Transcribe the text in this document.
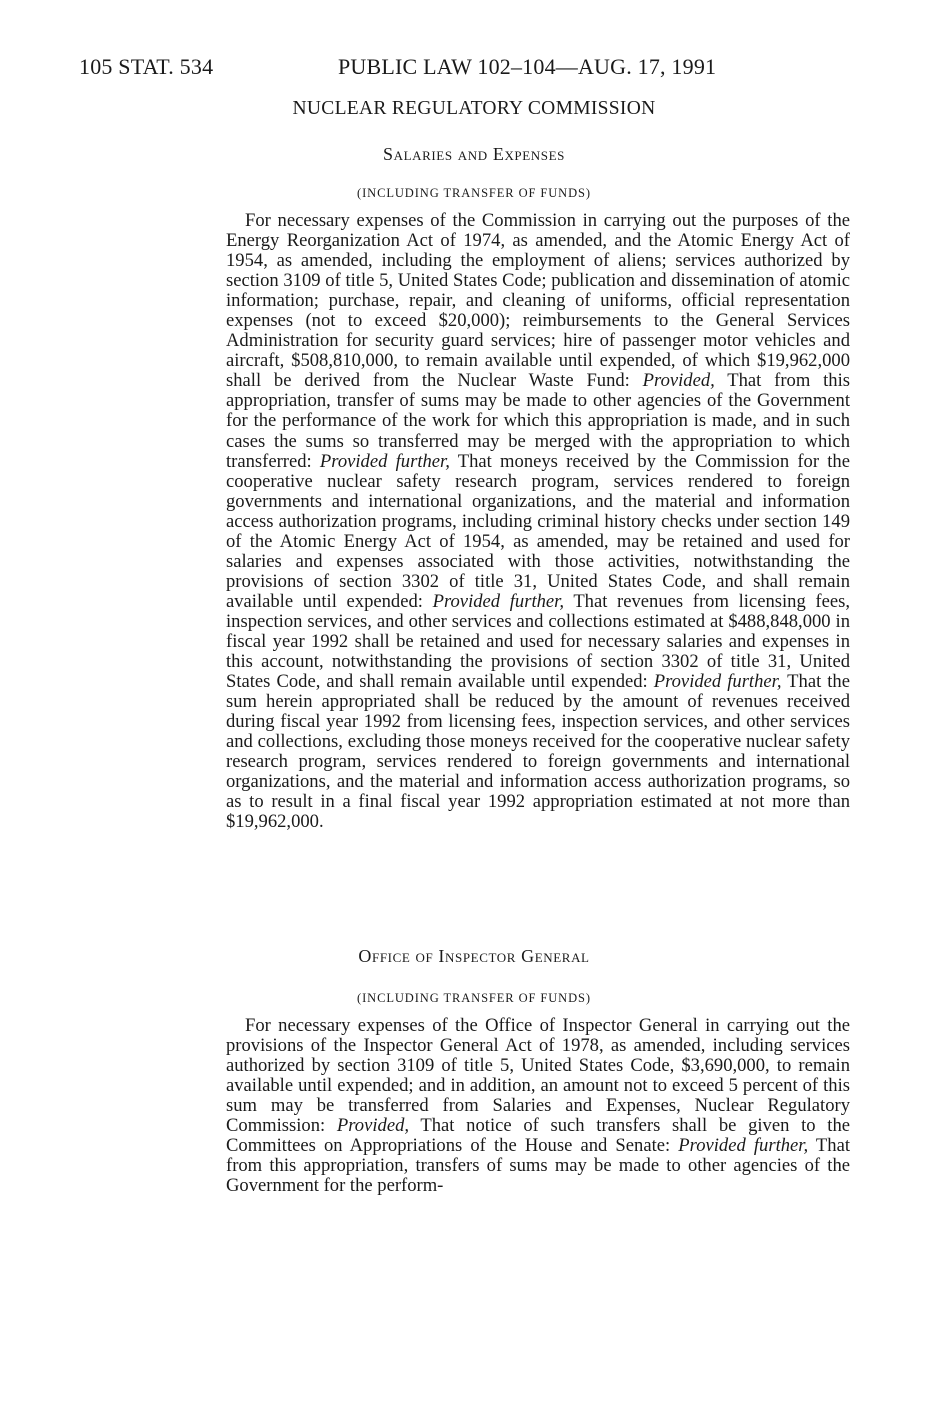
105 STAT. 534	PUBLIC LAW 102–104—AUG. 17, 1991
NUCLEAR REGULATORY COMMISSION
Salaries and Expenses
(INCLUDING TRANSFER OF FUNDS)

For necessary expenses of the Commission in carrying out the purposes of the Energy Reorganization Act of 1974, as amended, and the Atomic Energy Act of 1954, as amended, including the employment of aliens; services authorized by section 3109 of title 5, United States Code; publication and dissemination of atomic information; purchase, repair, and cleaning of uniforms, official representation expenses (not to exceed $20,000); reimbursements to the General Services Administration for security guard services; hire of passenger motor vehicles and aircraft, $508,810,000, to remain available until expended, of which $19,962,000 shall be derived from the Nuclear Waste Fund: Provided, That from this appropriation, transfer of sums may be made to other agencies of the Government for the performance of the work for which this appropriation is made, and in such cases the sums so transferred may be merged with the appropriation to which transferred: Provided further, That moneys received by the Commission for the cooperative nuclear safety research program, services rendered to foreign governments and international organizations, and the material and information access authorization programs, including criminal history checks under section 149 of the Atomic Energy Act of 1954, as amended, may be retained and used for salaries and expenses associated with those activities, notwithstanding the provisions of section 3302 of title 31, United States Code, and shall remain available until expended: Provided further, That revenues from licensing fees, inspection services, and other services and collections estimated at $488,848,000 in fiscal year 1992 shall be retained and used for necessary salaries and expenses in this account, notwithstanding the provisions of section 3302 of title 31, United States Code, and shall remain available until expended: Provided further, That the sum herein appropriated shall be reduced by the amount of revenues received during fiscal year 1992 from licensing fees, inspection services, and other services and collections, excluding those moneys received for the cooperative nuclear safety research program, services rendered to foreign governments and international organizations, and the material and information access authorization programs, so as to result in a final fiscal year 1992 appropriation estimated at not more than $19,962,000.

Office of Inspector General
(INCLUDING TRANSFER OF FUNDS)

For necessary expenses of the Office of Inspector General in carrying out the provisions of the Inspector General Act of 1978, as amended, including services authorized by section 3109 of title 5, United States Code, $3,690,000, to remain available until expended; and in addition, an amount not to exceed 5 percent of this sum may be transferred from Salaries and Expenses, Nuclear Regulatory Commission: Provided, That notice of such transfers shall be given to the Committees on Appropriations of the House and Senate: Provided further, That from this appropriation, transfers of sums may be made to other agencies of the Government for the perform-
